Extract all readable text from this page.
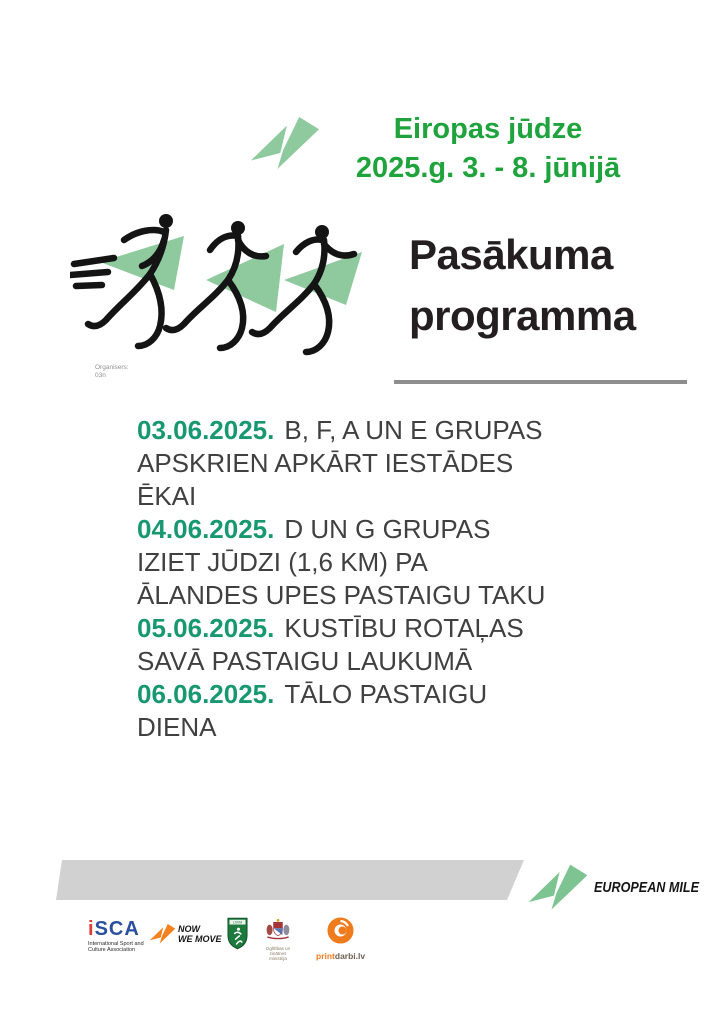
Eiropas jūdze
2025.g. 3. - 8. jūnijā
Organisers:
03n
Pasākuma
programma
03.06.2025. B, F, A UN E GRUPAS
APSKRIEN APKĀRT IESTĀDES
ĒKAI
04.06.2025. D UN G GRUPAS
IZIET JŪDZI (1,6 KM) PA
ĀLANDES UPES PASTAIGU TAKU
05.06.2025. KUSTĪBU ROTAĻAS
SAVĀ PASTAIGU LAUKUMĀ
06.06.2025. TĀLO PASTAIGU
DIENA
EUROPEAN MILE
iSCA
International Sport and
Culture Association
NOW
WE MOVE
LSVM
Izglītības un zinātnes
ministrija	printdarbi.lv
